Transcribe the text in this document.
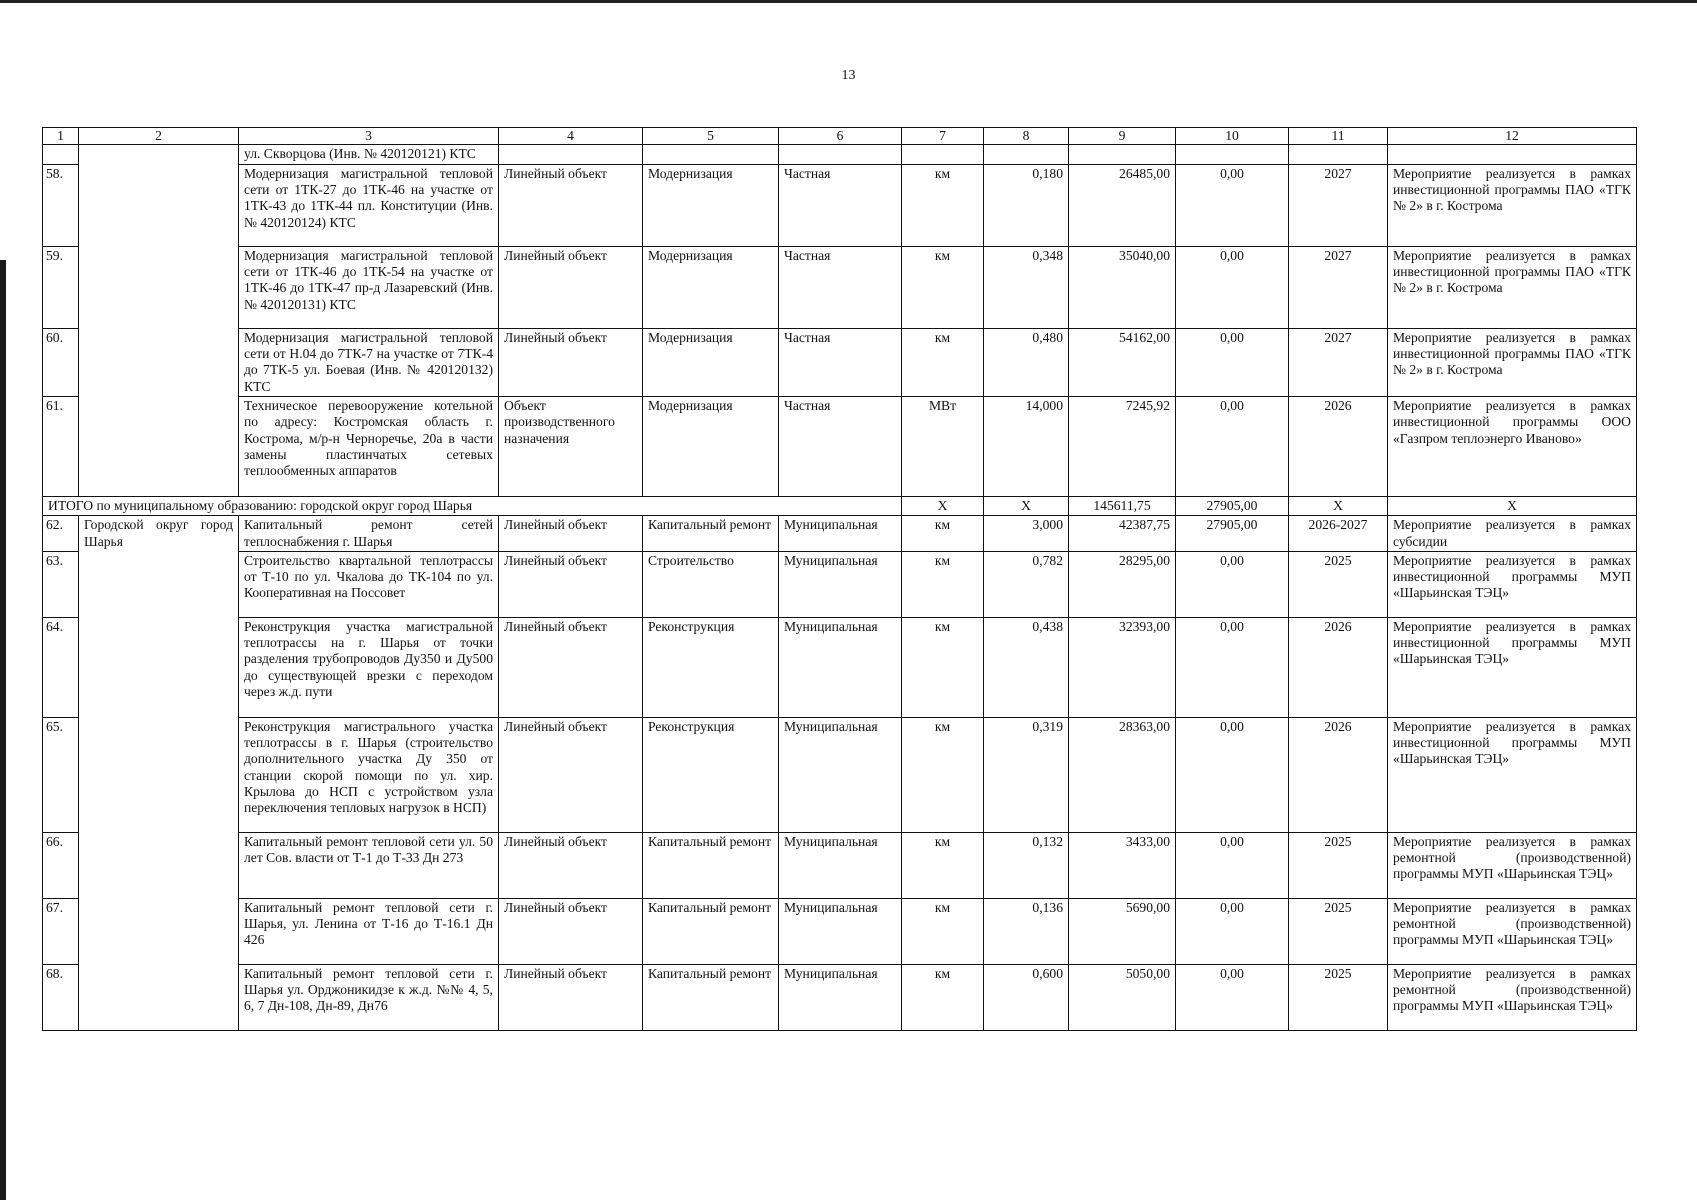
13
1	2	3	4	5	6	7	8	9	10	11	12
		ул. Скворцова (Инв. № 420120121) КТС									
58.		Модернизация магистральной тепловой сети от 1ТК-27 до 1ТК-46 на участке от 1ТК-43 до 1ТК-44 пл. Конституции (Инв. № 420120124) КТС	Линейный объект	Модернизация	Частная	км	0,180	26485,00	0,00	2027	Мероприятие реализуется в рамках инвестиционной программы ПАО «ТГК № 2» в г. Кострома
59.		Модернизация магистральной тепловой сети от 1ТК-46 до 1ТК-54 на участке от 1ТК-46 до 1ТК-47 пр-д Лазаревский (Инв. № 420120131) КТС	Линейный объект	Модернизация	Частная	км	0,348	35040,00	0,00	2027	Мероприятие реализуется в рамках инвестиционной программы ПАО «ТГК № 2» в г. Кострома
60.		Модернизация магистральной тепловой сети от Н.04 до 7ТК-7 на участке от 7ТК-4 до 7ТК-5 ул. Боевая (Инв. № 420120132) КТС	Линейный объект	Модернизация	Частная	км	0,480	54162,00	0,00	2027	Мероприятие реализуется в рамках инвестиционной программы ПАО «ТГК № 2» в г. Кострома
61.		Техническое перевооружение котельной по адресу: Костромская область г. Кострома, м/р-н Черноречье, 20а в части замены пластинчатых сетевых теплообменных аппаратов	Объект производственного назначения	Модернизация	Частная	МВт	14,000	7245,92	0,00	2026	Мероприятие реализуется в рамках инвестиционной программы ООО «Газпром теплоэнерго Иваново»
ИТОГО по муниципальному образованию: городской округ город Шарья						Х	Х	145611,75	27905,00	Х	Х
62.	Городской округ город Шарья	Капитальный ремонт сетей теплоснабжения г. Шарья	Линейный объект	Капитальный ремонт	Муниципальная	км	3,000	42387,75	27905,00	2026-2027	Мероприятие реализуется в рамках субсидии
63.		Строительство квартальной теплотрассы от Т-10 по ул. Чкалова до ТК-104 по ул. Кооперативная на Поссовет	Линейный объект	Строительство	Муниципальная	км	0,782	28295,00	0,00	2025	Мероприятие реализуется в рамках инвестиционной программы МУП «Шарьинская ТЭЦ»
64.		Реконструкция участка магистральной теплотрассы на г. Шарья от точки разделения трубопроводов Ду350 и Ду500 до существующей врезки с переходом через ж.д. пути	Линейный объект	Реконструкция	Муниципальная	км	0,438	32393,00	0,00	2026	Мероприятие реализуется в рамках инвестиционной программы МУП «Шарьинская ТЭЦ»
65.		Реконструкция магистрального участка теплотрассы в г. Шарья (строительство дополнительного участка Ду 350 от станции скорой помощи по ул. хир. Крылова до НСП с устройством узла переключения тепловых нагрузок в НСП)	Линейный объект	Реконструкция	Муниципальная	км	0,319	28363,00	0,00	2026	Мероприятие реализуется в рамках инвестиционной программы МУП «Шарьинская ТЭЦ»
66.		Капитальный ремонт тепловой сети ул. 50 лет Сов. власти от Т-1 до Т-33 Дн 273	Линейный объект	Капитальный ремонт	Муниципальная	км	0,132	3433,00	0,00	2025	Мероприятие реализуется в рамках ремонтной (производственной) программы МУП «Шарьинская ТЭЦ»
67.		Капитальный ремонт тепловой сети г. Шарья, ул. Ленина от Т-16 до Т-16.1 Дн 426	Линейный объект	Капитальный ремонт	Муниципальная	км	0,136	5690,00	0,00	2025	Мероприятие реализуется в рамках ремонтной (производственной) программы МУП «Шарьинская ТЭЦ»
68.		Капитальный ремонт тепловой сети г. Шарья ул. Орджоникидзе к ж.д. №№ 4, 5, 6, 7 Дн-108, Дн-89, Дн76	Линейный объект	Капитальный ремонт	Муниципальная	км	0,600	5050,00	0,00	2025	Мероприятие реализуется в рамках ремонтной (производственной) программы МУП «Шарьинская ТЭЦ»
